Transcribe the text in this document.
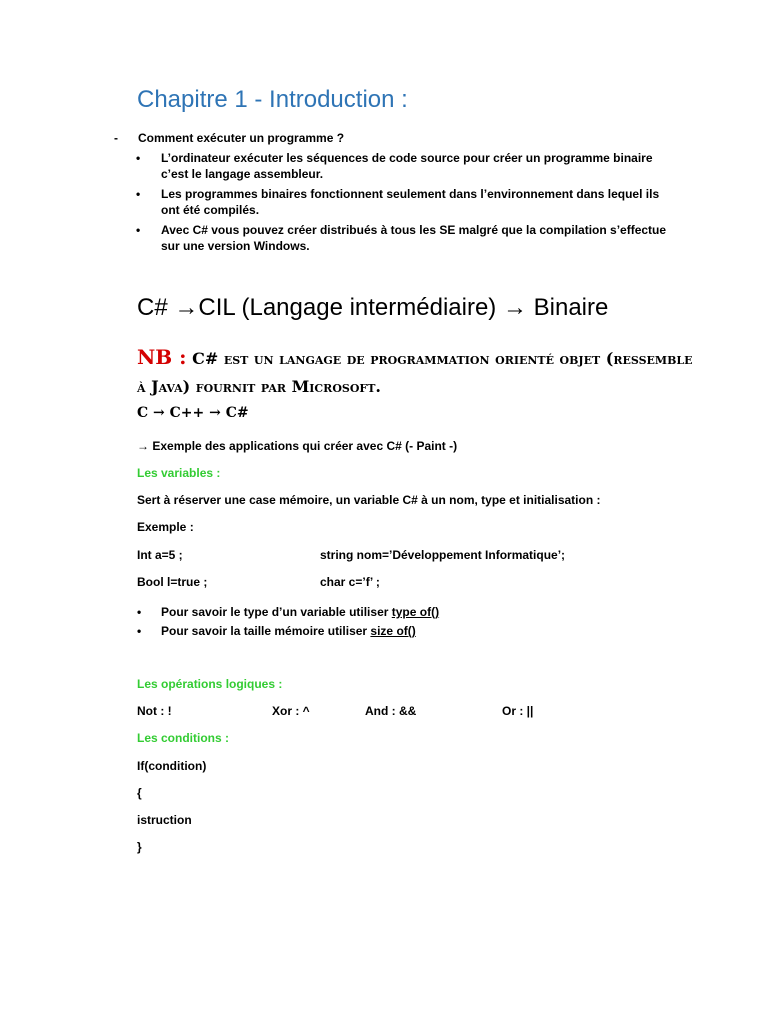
Chapitre 1 - Introduction :
- Comment exécuter un programme ?
• L’ordinateur exécuter les séquences de code source pour créer un programme binaire c’est le langage assembleur.
• Les programmes binaires fonctionnent seulement dans l’environnement dans lequel ils ont été compilés.
• Avec C# vous pouvez créer distribués à tous les SE malgré que la compilation s’effectue sur une version Windows.
C# →CIL (Langage intermédiaire) → Binaire
NB : C# est un langage de programmation orienté objet (ressemble à Java) fournit par Microsoft.
C → C++ → C#
→ Exemple des applications qui créer avec C# (- Paint -)
Les variables :
Sert à réserver une case mémoire, un variable C# à un nom, type et initialisation :
Exemple :
Int a=5 ;	string nom=’Développement Informatique’;
Bool l=true ;	char c=’f’ ;
• Pour savoir le type d’un variable utiliser type of()
• Pour savoir la taille mémoire utiliser size of()
Les opérations logiques :
Not : !	Xor : ^	And : &&	Or : ||
Les conditions :
If(condition)
{
istruction
}
